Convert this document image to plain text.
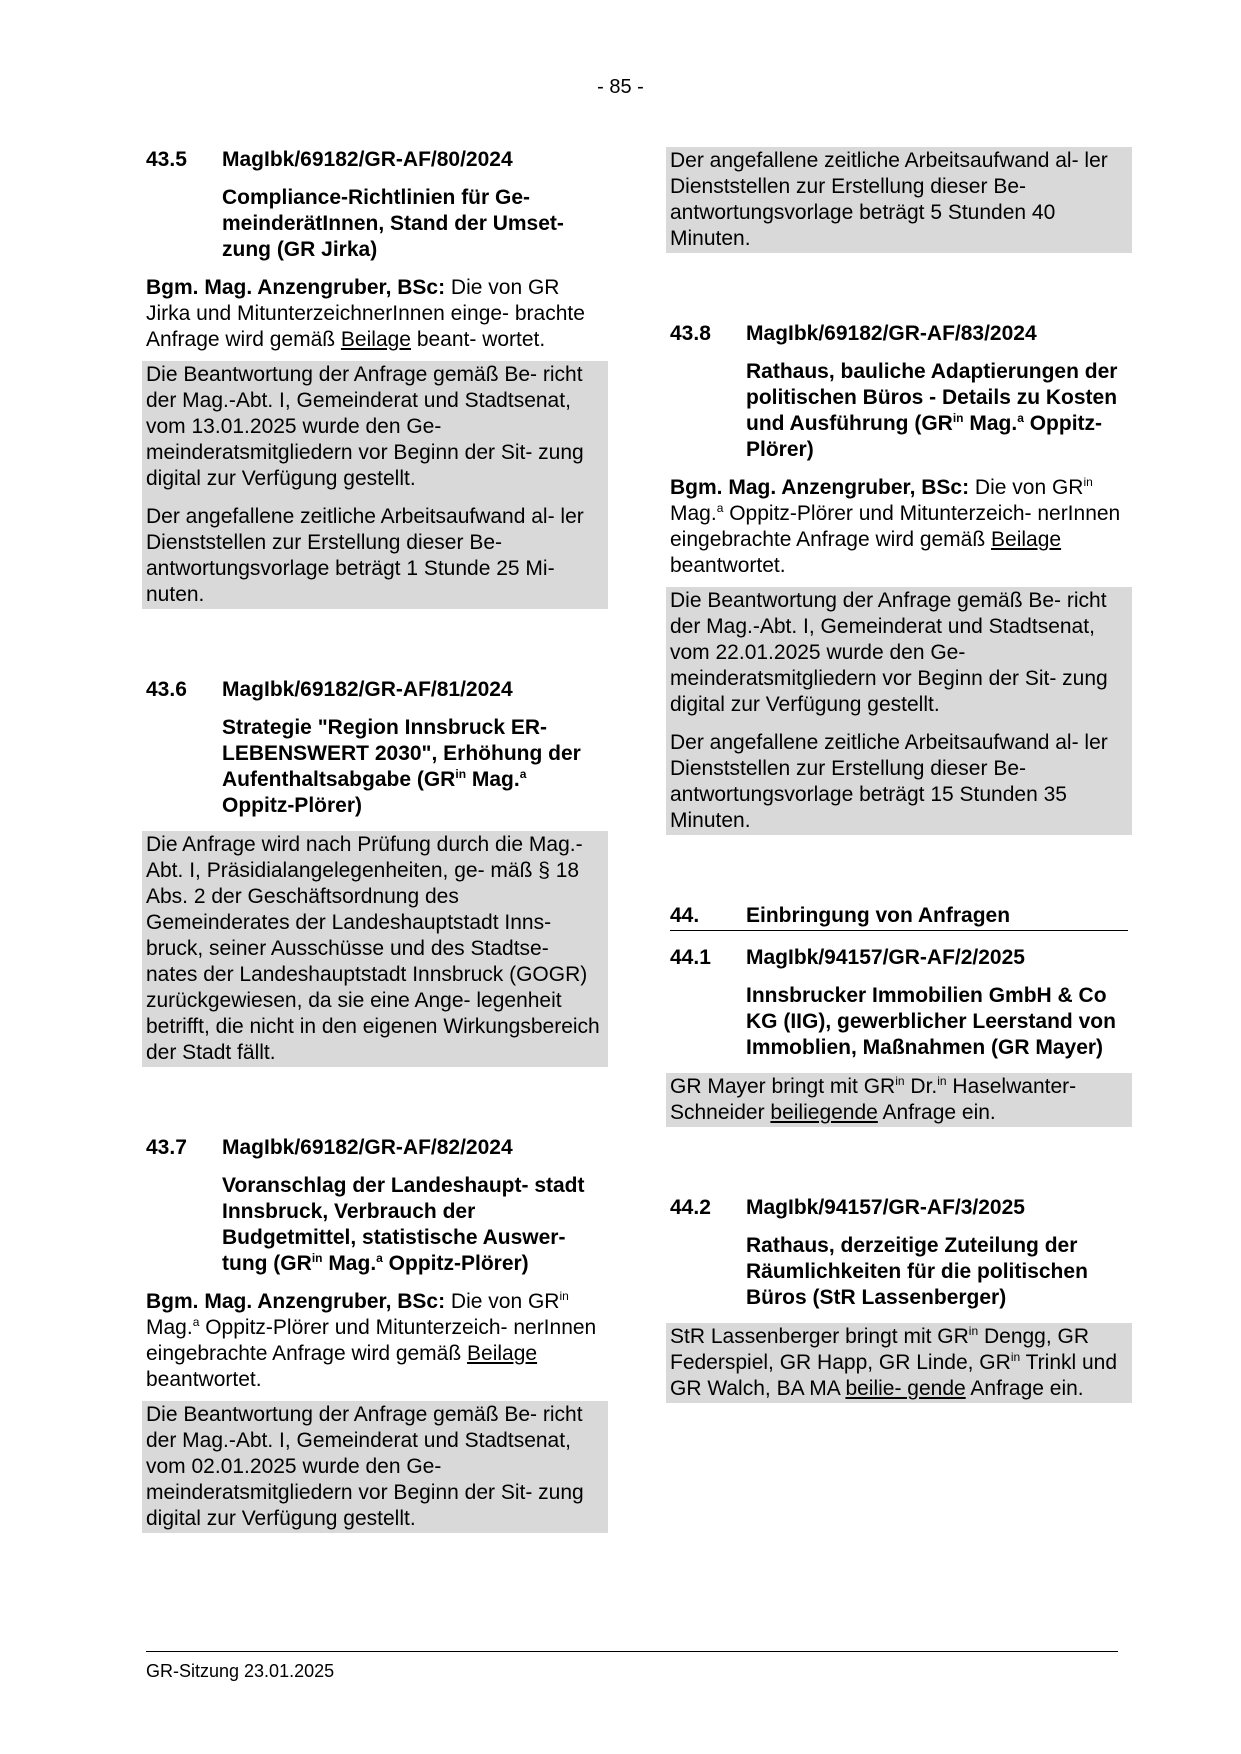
- 85 -
43.5	MagIbk/69182/GR-AF/80/2024
Compliance-Richtlinien für Ge- meinderätInnen, Stand der Umset- zung (GR Jirka)

Bgm. Mag. Anzengruber, BSc: Die von GR Jirka und MitunterzeichnerInnen einge- brachte Anfrage wird gemäß Beilage beant- wortet.

Die Beantwortung der Anfrage gemäß Be- richt der Mag.-Abt. I, Gemeinderat und Stadtsenat, vom 13.01.2025 wurde den Ge- meinderatsmitgliedern vor Beginn der Sit- zung digital zur Verfügung gestellt.

Der angefallene zeitliche Arbeitsaufwand al- ler Dienststellen zur Erstellung dieser Be- antwortungsvorlage beträgt 1 Stunde 25 Mi- nuten.

43.6	MagIbk/69182/GR-AF/81/2024
Strategie "Region Innsbruck ER- LEBENSWERT 2030", Erhöhung der Aufenthaltsabgabe ($GR^{in}$ Mag.$^a$ Oppitz-Plörer)

Die Anfrage wird nach Prüfung durch die Mag.-Abt. I, Präsidialangelegenheiten, ge- mäß § 18 Abs. 2 der Geschäftsordnung des Gemeinderates der Landeshauptstadt Inns- bruck, seiner Ausschüsse und des Stadtse- nates der Landeshauptstadt Innsbruck (GOGR) zurückgewiesen, da sie eine Ange- legenheit betrifft, die nicht in den eigenen Wirkungsbereich der Stadt fällt.

43.7	MagIbk/69182/GR-AF/82/2024
Voranschlag der Landeshaupt- stadt Innsbruck, Verbrauch der Budgetmittel, statistische Auswer- tung ($GR^{in}$ Mag.$^a$ Oppitz-Plörer)

Bgm. Mag. Anzengruber, BSc: Die von $GR^{in}$ Mag.$^a$ Oppitz-Plörer und Mitunterzeich- nerInnen eingebrachte Anfrage wird gemäß Beilage beantwortet.

Die Beantwortung der Anfrage gemäß Be- richt der Mag.-Abt. I, Gemeinderat und Stadtsenat, vom 02.01.2025 wurde den Ge- meinderatsmitgliedern vor Beginn der Sit- zung digital zur Verfügung gestellt.

Der angefallene zeitliche Arbeitsaufwand al- ler Dienststellen zur Erstellung dieser Be- antwortungsvorlage beträgt 5 Stunden 40 Minuten.

43.8	MagIbk/69182/GR-AF/83/2024
Rathaus, bauliche Adaptierungen der politischen Büros - Details zu Kosten und Ausführung ($GR^{in}$ Mag.$^a$ Oppitz-Plörer)

Bgm. Mag. Anzengruber, BSc: Die von $GR^{in}$ Mag.$^a$ Oppitz-Plörer und Mitunterzeich- nerInnen eingebrachte Anfrage wird gemäß Beilage beantwortet.

Die Beantwortung der Anfrage gemäß Be- richt der Mag.-Abt. I, Gemeinderat und Stadtsenat, vom 22.01.2025 wurde den Ge- meinderatsmitgliedern vor Beginn der Sit- zung digital zur Verfügung gestellt.

Der angefallene zeitliche Arbeitsaufwand al- ler Dienststellen zur Erstellung dieser Be- antwortungsvorlage beträgt 15 Stunden 35 Minuten.

44.	Einbringung von Anfragen
44.1	MagIbk/94157/GR-AF/2/2025
Innsbrucker Immobilien GmbH & Co KG (IIG), gewerblicher Leerstand von Immoblien, Maßnahmen (GR Mayer)

GR Mayer bringt mit $GR^{in}$ Dr.$^{in}$ Haselwanter- Schneider beiliegende Anfrage ein.

44.2	MagIbk/94157/GR-AF/3/2025
Rathaus, derzeitige Zuteilung der Räumlichkeiten für die politischen Büros (StR Lassenberger)

StR Lassenberger bringt mit $GR^{in}$ Dengg, GR Federspiel, GR Happ, GR Linde, $GR^{in}$ Trinkl und GR Walch, BA MA beilie- gende Anfrage ein.

GR-Sitzung 23.01.2025
